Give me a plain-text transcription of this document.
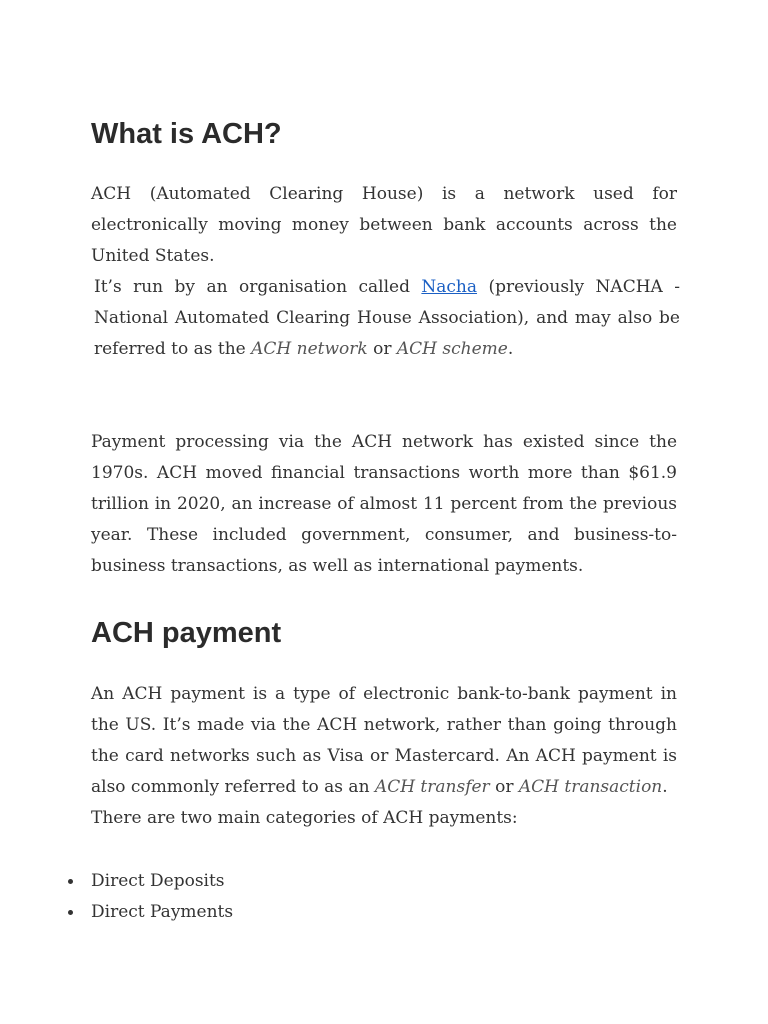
What is ACH?

ACH (Automated Clearing House) is a network used for electronically moving money between bank accounts across the United States.

It’s run by an organisation called Nacha (previously NACHA - National Automated Clearing House Association), and may also be referred to as the ACH network or ACH scheme.

Payment processing via the ACH network has existed since the 1970s. ACH moved financial transactions worth more than $61.9 trillion in 2020, an increase of almost 11 percent from the previous year. These included government, consumer, and business-to-business transactions, as well as international payments.

ACH payment

An ACH payment is a type of electronic bank-to-bank payment in the US. It’s made via the ACH network, rather than going through the card networks such as Visa or Mastercard. An ACH payment is also commonly referred to as an ACH transfer or ACH transaction.

There are two main categories of ACH payments:

Direct Deposits
Direct Payments
